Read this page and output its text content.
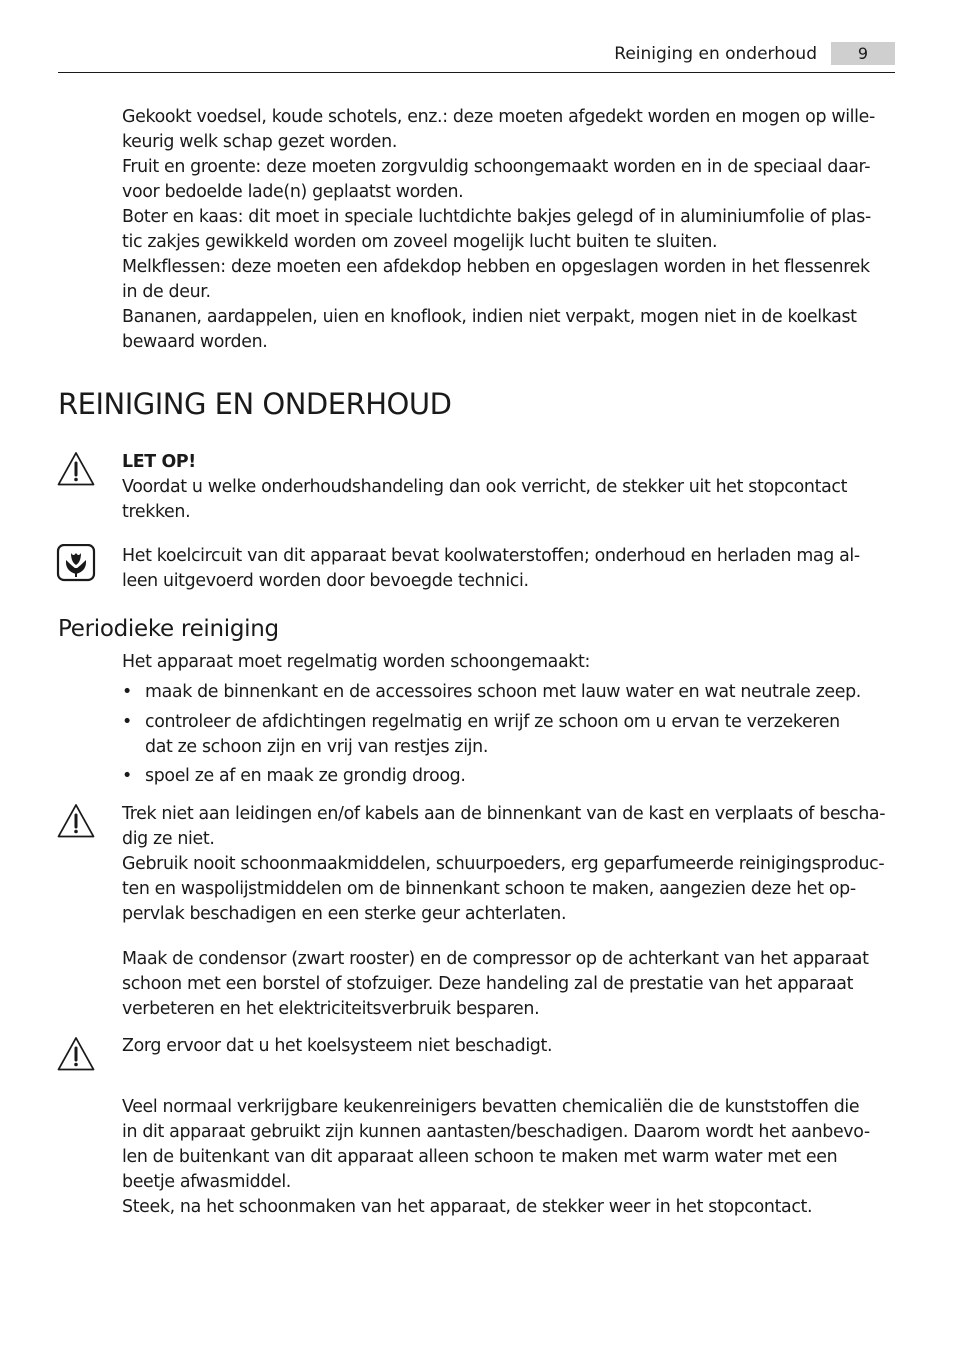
Reiniging en onderhoud	9
Gekookt voedsel, koude schotels, enz.: deze moeten afgedekt worden en mogen op wille-
keurig welk schap gezet worden.
Fruit en groente: deze moeten zorgvuldig schoongemaakt worden en in de speciaal daar-
voor bedoelde lade(n) geplaatst worden.
Boter en kaas: dit moet in speciale luchtdichte bakjes gelegd of in aluminiumfolie of plas-
tic zakjes gewikkeld worden om zoveel mogelijk lucht buiten te sluiten.
Melkflessen: deze moeten een afdekdop hebben en opgeslagen worden in het flessenrek
in de deur.
Bananen, aardappelen, uien en knoflook, indien niet verpakt, mogen niet in de koelkast
bewaard worden.
REINIGING EN ONDERHOUD
LET OP!
Voordat u welke onderhoudshandeling dan ook verricht, de stekker uit het stopcontact
trekken.
Het koelcircuit van dit apparaat bevat koolwaterstoffen; onderhoud en herladen mag al-
leen uitgevoerd worden door bevoegde technici.
Periodieke reiniging
Het apparaat moet regelmatig worden schoongemaakt:
• maak de binnenkant en de accessoires schoon met lauw water en wat neutrale zeep.
• controleer de afdichtingen regelmatig en wrijf ze schoon om u ervan te verzekeren
dat ze schoon zijn en vrij van restjes zijn.
• spoel ze af en maak ze grondig droog.
Trek niet aan leidingen en/of kabels aan de binnenkant van de kast en verplaats of bescha-
dig ze niet.
Gebruik nooit schoonmaakmiddelen, schuurpoeders, erg geparfumeerde reinigingsproduc-
ten en waspolijstmiddelen om de binnenkant schoon te maken, aangezien deze het op-
pervlak beschadigen en een sterke geur achterlaten.
Maak de condensor (zwart rooster) en de compressor op de achterkant van het apparaat
schoon met een borstel of stofzuiger. Deze handeling zal de prestatie van het apparaat
verbeteren en het elektriciteitsverbruik besparen.
Zorg ervoor dat u het koelsysteem niet beschadigt.
Veel normaal verkrijgbare keukenreinigers bevatten chemicaliën die de kunststoffen die
in dit apparaat gebruikt zijn kunnen aantasten/beschadigen. Daarom wordt het aanbevo-
len de buitenkant van dit apparaat alleen schoon te maken met warm water met een
beetje afwasmiddel.
Steek, na het schoonmaken van het apparaat, de stekker weer in het stopcontact.
